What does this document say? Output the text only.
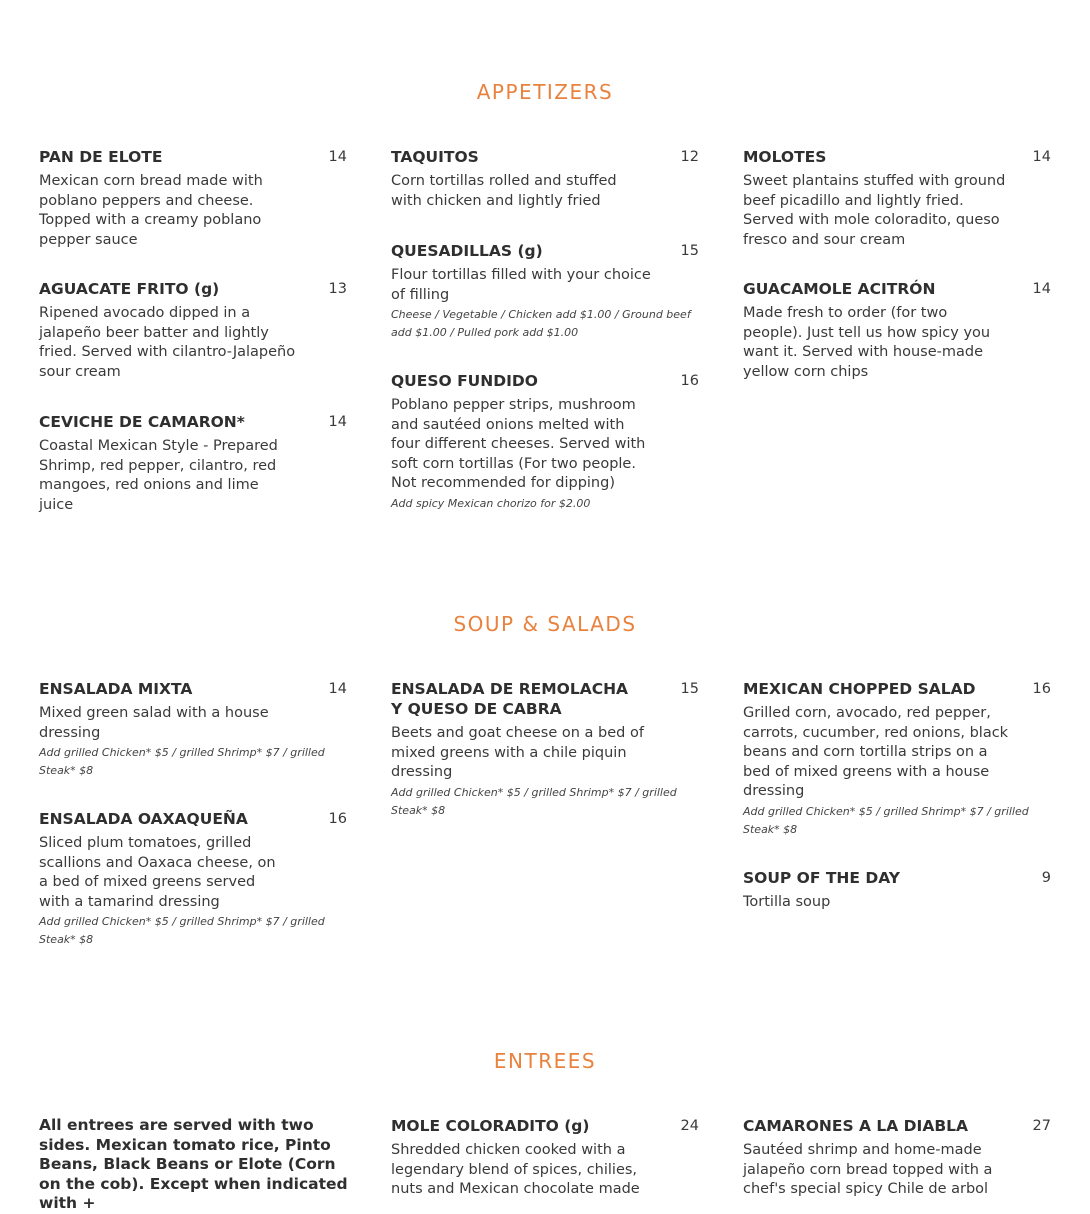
APPETIZERS
PAN DE ELOTE	14
Mexican corn bread made with poblano peppers and cheese. Topped with a creamy poblano pepper sauce
AGUACATE FRITO (g)	13
Ripened avocado dipped in a jalapeño beer batter and lightly fried. Served with cilantro-Jalapeño sour cream
CEVICHE DE CAMARON*	14
Coastal Mexican Style - Prepared Shrimp, red pepper, cilantro, red mangoes, red onions and lime juice
TAQUITOS	12
Corn tortillas rolled and stuffed with chicken and lightly fried
QUESADILLAS (g)	15
Flour tortillas filled with your choice of filling
Cheese / Vegetable / Chicken add $1.00 / Ground beef add $1.00 / Pulled pork add $1.00
QUESO FUNDIDO	16
Poblano pepper strips, mushroom and sautéed onions melted with four different cheeses. Served with soft corn tortillas (For two people. Not recommended for dipping)
Add spicy Mexican chorizo for $2.00
MOLOTES	14
Sweet plantains stuffed with ground beef picadillo and lightly fried. Served with mole coloradito, queso fresco and sour cream
GUACAMOLE ACITRÓN	14
Made fresh to order (for two people). Just tell us how spicy you want it. Served with house-made yellow corn chips
SOUP & SALADS
ENSALADA MIXTA	14
Mixed green salad with a house dressing
Add grilled Chicken* $5 / grilled Shrimp* $7 / grilled Steak* $8
ENSALADA OAXAQUEÑA	16
Sliced plum tomatoes, grilled scallions and Oaxaca cheese, on a bed of mixed greens served with a tamarind dressing
Add grilled Chicken* $5 / grilled Shrimp* $7 / grilled Steak* $8
ENSALADA DE REMOLACHA Y QUESO DE CABRA
15
Beets and goat cheese on a bed of mixed greens with a chile piquin dressing
Add grilled Chicken* $5 / grilled Shrimp* $7 / grilled Steak* $8
MEXICAN CHOPPED SALAD	16
Grilled corn, avocado, red pepper, carrots, cucumber, red onions, black beans and corn tortilla strips on a bed of mixed greens with a house dressing
Add grilled Chicken* $5 / grilled Shrimp* $7 / grilled Steak* $8
SOUP OF THE DAY	9
Tortilla soup
ENTREES
All entrees are served with two sides. Mexican tomato rice, Pinto Beans, Black Beans or Elote (Corn on the cob). Except when indicated with +
MOLE COLORADITO (g)	24
Shredded chicken cooked with a legendary blend of spices, chilies, nuts and Mexican chocolate made
CAMARONES A LA DIABLA	27
Sautéed shrimp and home-made jalapeño corn bread topped with a chef's special spicy Chile de arbol
